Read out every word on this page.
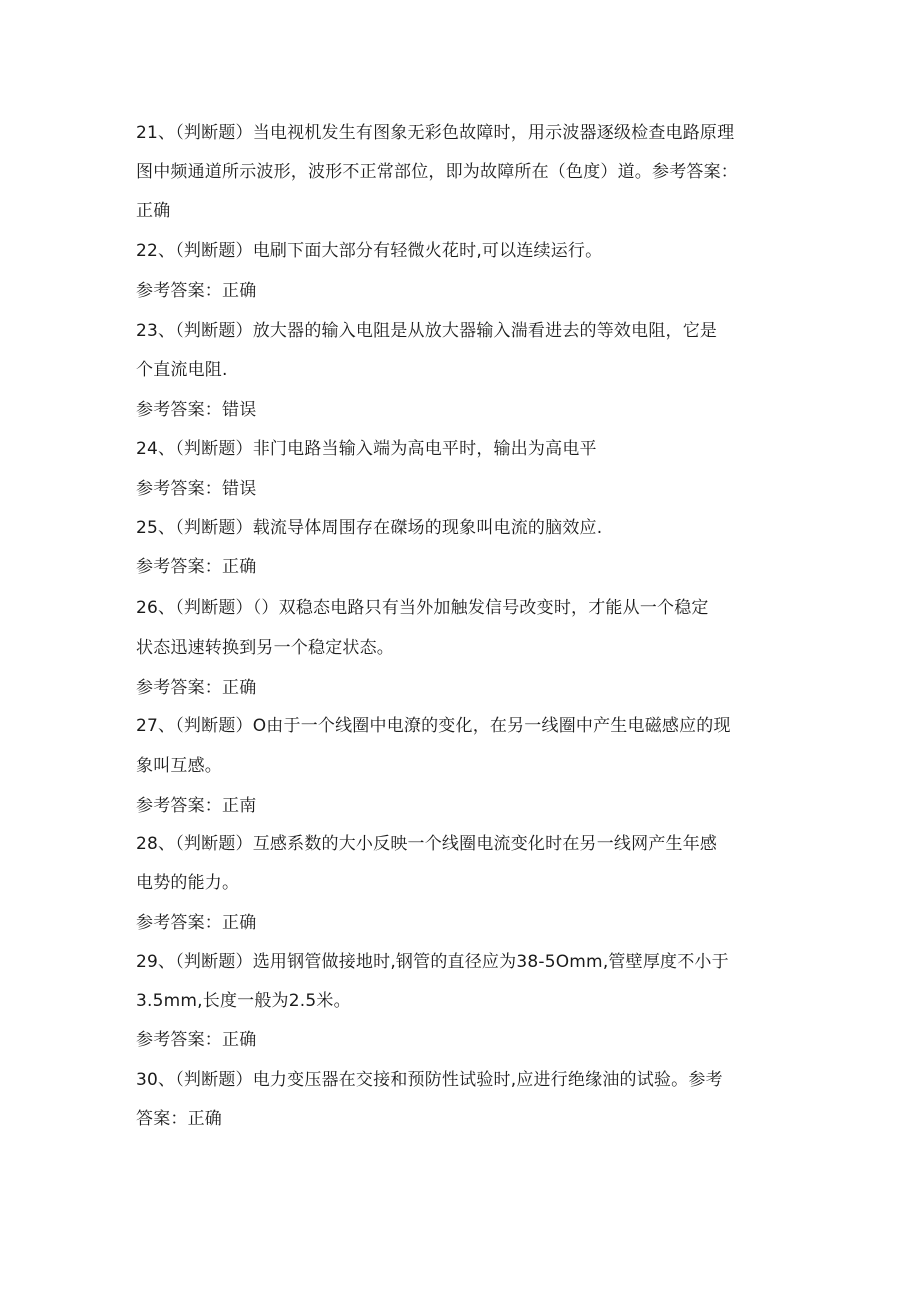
21、（判断题）当电视机发生有图象无彩色故障时，用示波器逐级检查电路原理
图中频通道所示波形，波形不正常部位，即为故障所在（色度）道。参考答案：
正确
22、（判断题）电刷下面大部分有轻微火花时,可以连续运行。
参考答案：正确
23、（判断题）放大器的输入电阻是从放大器输入湍看进去的等效电阻，它是
个直流电阻.
参考答案：错误
24、（判断题）非门电路当输入端为高电平时，输出为高电平
参考答案：错误
25、（判断题）载流导体周围存在磔场的现象叫电流的脑效应.
参考答案：正确
26、（判断题）（）双稳态电路只有当外加触发信号改变时，才能从一个稳定
状态迅速转换到另一个稳定状态。
参考答案：正确
27、（判断题）O由于一个线圈中电潦的变化，在另一线圈中产生电磁感应的现
象叫互感。
参考答案：正南
28、（判断题）互感系数的大小反映一个线圈电流变化时在另一线网产生年感
电势的能力。
参考答案：正确
29、（判断题）选用钢管做接地时,钢管的直径应为38-5Omm,管壁厚度不小于
3.5mm,长度一般为2.5米。
参考答案：正确
30、（判断题）电力变压器在交接和预防性试验时,应进行绝缘油的试验。参考
答案：正确
